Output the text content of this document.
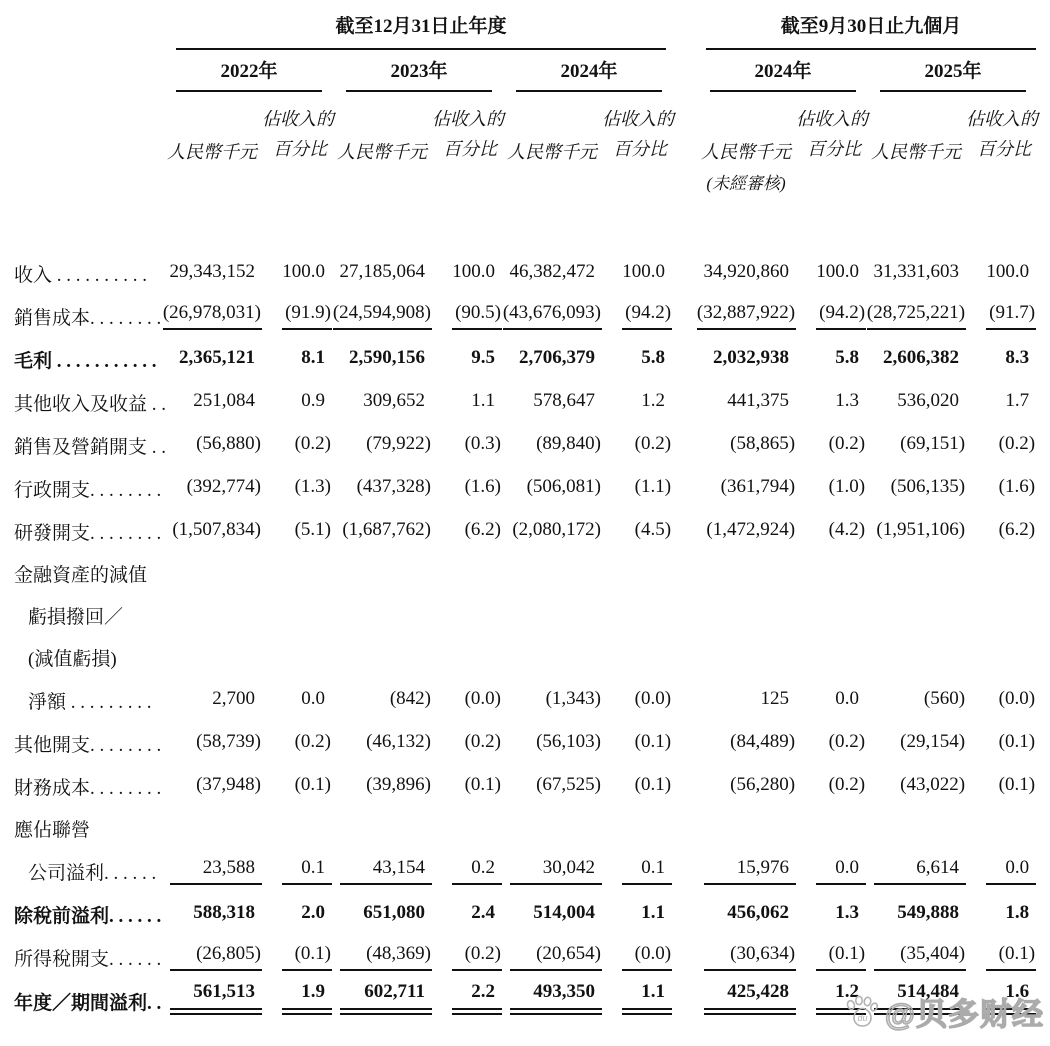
	截至12月31日止年度							截至9月30日止九個月			

	2022年		2023年		2024年			2024年		2025年	

	人民幣千元	佔收入的
百分比	人民幣千元	佔收入的
百分比	人民幣千元	佔收入的
百分比		人民幣千元	佔收入的
百分比	人民幣千元	佔收入的
百分比
								(未經審核)			

收入 . . . . . . . . . .	29,343,152	100.0	27,185,064	100.0	46,382,472	100.0		34,920,860	100.0	31,331,603	100.0
銷售成本. . . . . . . .	(26,978,031)	(91.9)	(24,594,908)	(90.5)	(43,676,093)	(94.2)		(32,887,922)	(94.2)	(28,725,221)	(91.7)
毛利 . . . . . . . . . . .	2,365,121	8.1	2,590,156	9.5	2,706,379	5.8		2,032,938	5.8	2,606,382	8.3
其他收入及收益 . .	251,084	0.9	309,652	1.1	578,647	1.2		441,375	1.3	536,020	1.7
銷售及營銷開支 . .	(56,880)	(0.2)	(79,922)	(0.3)	(89,840)	(0.2)		(58,865)	(0.2)	(69,151)	(0.2)
行政開支. . . . . . . .	(392,774)	(1.3)	(437,328)	(1.6)	(506,081)	(1.1)		(361,794)	(1.0)	(506,135)	(1.6)
研發開支. . . . . . . .	(1,507,834)	(5.1)	(1,687,762)	(6.2)	(2,080,172)	(4.5)		(1,472,924)	(4.2)	(1,951,106)	(6.2)
金融資產的減值											
虧損撥回／											
(減值虧損)											
淨額 . . . . . . . . .	2,700	0.0	(842)	(0.0)	(1,343)	(0.0)		125	0.0	(560)	(0.0)
其他開支. . . . . . . .	(58,739)	(0.2)	(46,132)	(0.2)	(56,103)	(0.1)		(84,489)	(0.2)	(29,154)	(0.1)
財務成本. . . . . . . .	(37,948)	(0.1)	(39,896)	(0.1)	(67,525)	(0.1)		(56,280)	(0.2)	(43,022)	(0.1)
應佔聯營											
公司溢利. . . . . .	23,588	0.1	43,154	0.2	30,042	0.1		15,976	0.0	6,614	0.0
除稅前溢利. . . . . .	588,318	2.0	651,080	2.4	514,004	1.1		456,062	1.3	549,888	1.8
所得稅開支. . . . . .	(26,805)	(0.1)	(48,369)	(0.2)	(20,654)	(0.0)		(30,634)	(0.1)	(35,404)	(0.1)
年度／期間溢利. .	561,513	1.9	602,711	2.2	493,350	1.1		425,428	1.2	514,484	1.6
du @贝多财经
